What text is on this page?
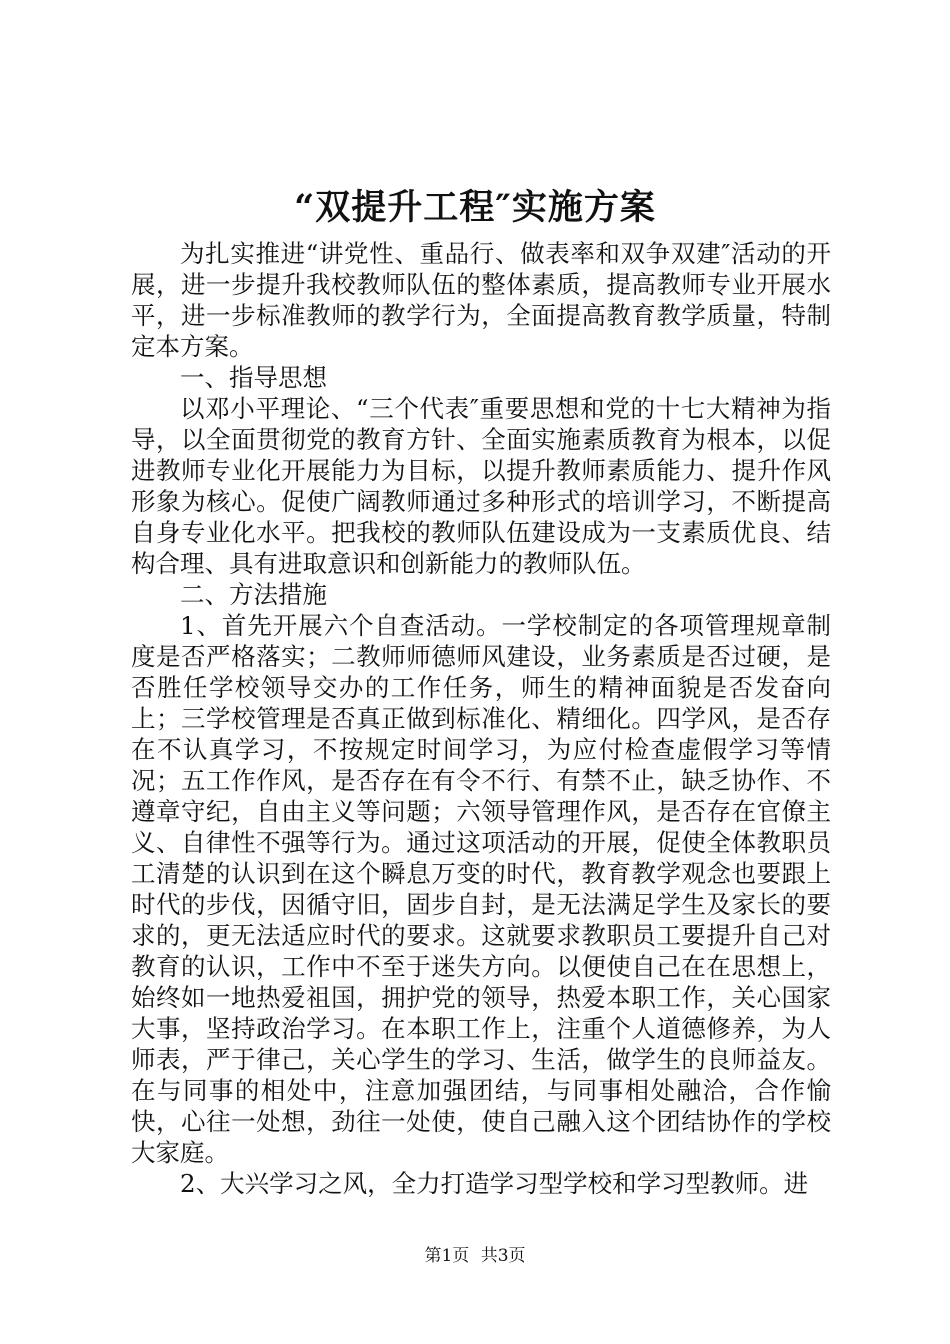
“双提升工程″实施方案

为扎实推进“讲党性、重品行、做表率和双争双建″活动的开展，进一步提升我校教师队伍的整体素质，提高教师专业开展水平，进一步标准教师的教学行为，全面提高教育教学质量，特制定本方案。

一、指导思想

以邓小平理论、“三个代表″重要思想和党的十七大精神为指导，以全面贯彻党的教育方针、全面实施素质教育为根本，以促进教师专业化开展能力为目标，以提升教师素质能力、提升作风形象为核心。促使广阔教师通过多种形式的培训学习，不断提高自身专业化水平。把我校的教师队伍建设成为一支素质优良、结构合理、具有进取意识和创新能力的教师队伍。

二、方法措施

1、首先开展六个自查活动。一学校制定的各项管理规章制度是否严格落实；二教师师德师风建设，业务素质是否过硬，是否胜任学校领导交办的工作任务，师生的精神面貌是否发奋向上；三学校管理是否真正做到标准化、精细化。四学风，是否存在不认真学习，不按规定时间学习，为应付检查虚假学习等情况；五工作作风，是否存在有令不行、有禁不止，缺乏协作、不遵章守纪，自由主义等问题；六领导管理作风，是否存在官僚主义、自律性不强等行为。通过这项活动的开展，促使全体教职员工清楚的认识到在这个瞬息万变的时代，教育教学观念也要跟上时代的步伐，因循守旧，固步自封，是无法满足学生及家长的要求的，更无法适应时代的要求。这就要求教职员工要提升自己对教育的认识，工作中不至于迷失方向。以便使自己在在思想上，始终如一地热爱祖国，拥护党的领导，热爱本职工作，关心国家大事，坚持政治学习。在本职工作上，注重个人道德修养，为人师表，严于律己，关心学生的学习、生活，做学生的良师益友。在与同事的相处中，注意加强团结，与同事相处融洽，合作愉快，心往一处想，劲往一处使，使自己融入这个团结协作的学校大家庭。

2、大兴学习之风，全力打造学习型学校和学习型教师。进

第1页 共3页
